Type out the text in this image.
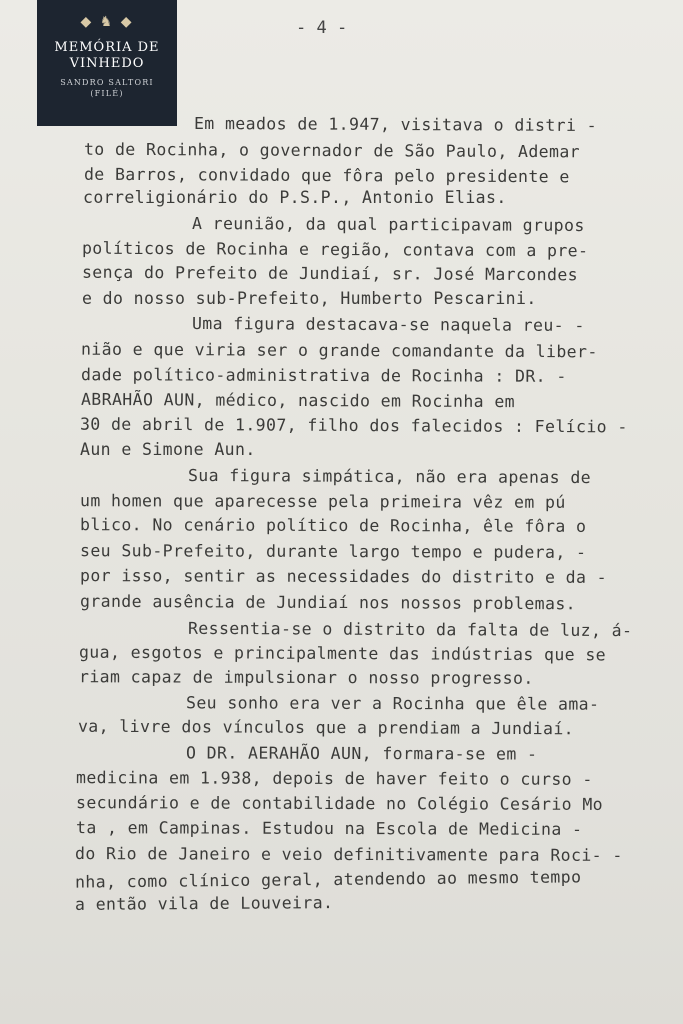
◆ ♞ ◆
MEMÓRIA DE VINHEDO
SANDRO SALTORI (FILÉ)
- 4 -
Em meados de 1.947, visitava o distri -
to de Rocinha, o governador de São Paulo, Ademar
de Barros, convidado que fôra pelo presidente e
correligionário do P.S.P., Antonio Elias.
A reunião, da qual participavam grupos
políticos de Rocinha e região, contava com a pre-
sença do Prefeito de Jundiaí, sr. José Marcondes
e do nosso sub-Prefeito, Humberto Pescarini.
Uma figura destacava-se naquela reu- -
nião e que viria ser o grande comandante da liber-
dade político-administrativa de Rocinha : DR. -
ABRAHÃO AUN, médico, nascido em Rocinha em
30 de abril de 1.907, filho dos falecidos : Felício -
Aun e Simone Aun.
Sua figura simpática, não era apenas de
um homen que aparecesse pela primeira vêz em pú
blico. No cenário político de Rocinha, êle fôra o
seu Sub-Prefeito, durante largo tempo e pudera, -
por isso, sentir as necessidades do distrito e da -
grande ausência de Jundiaí nos nossos problemas.
Ressentia-se o distrito da falta de luz, á-
gua, esgotos e principalmente das indústrias que se
riam capaz de impulsionar o nosso progresso.
Seu sonho era ver a Rocinha que êle ama-
va, livre dos vínculos que a prendiam a Jundiaí.
O DR. AERAHÃO AUN, formara-se em -
medicina em 1.938, depois de haver feito o curso -
secundário e de contabilidade no Colégio Cesário Mo
ta , em Campinas. Estudou na Escola de Medicina -
do Rio de Janeiro e veio definitivamente para Roci- -
nha, como clínico geral, atendendo ao mesmo tempo
a então vila de Louveira.
